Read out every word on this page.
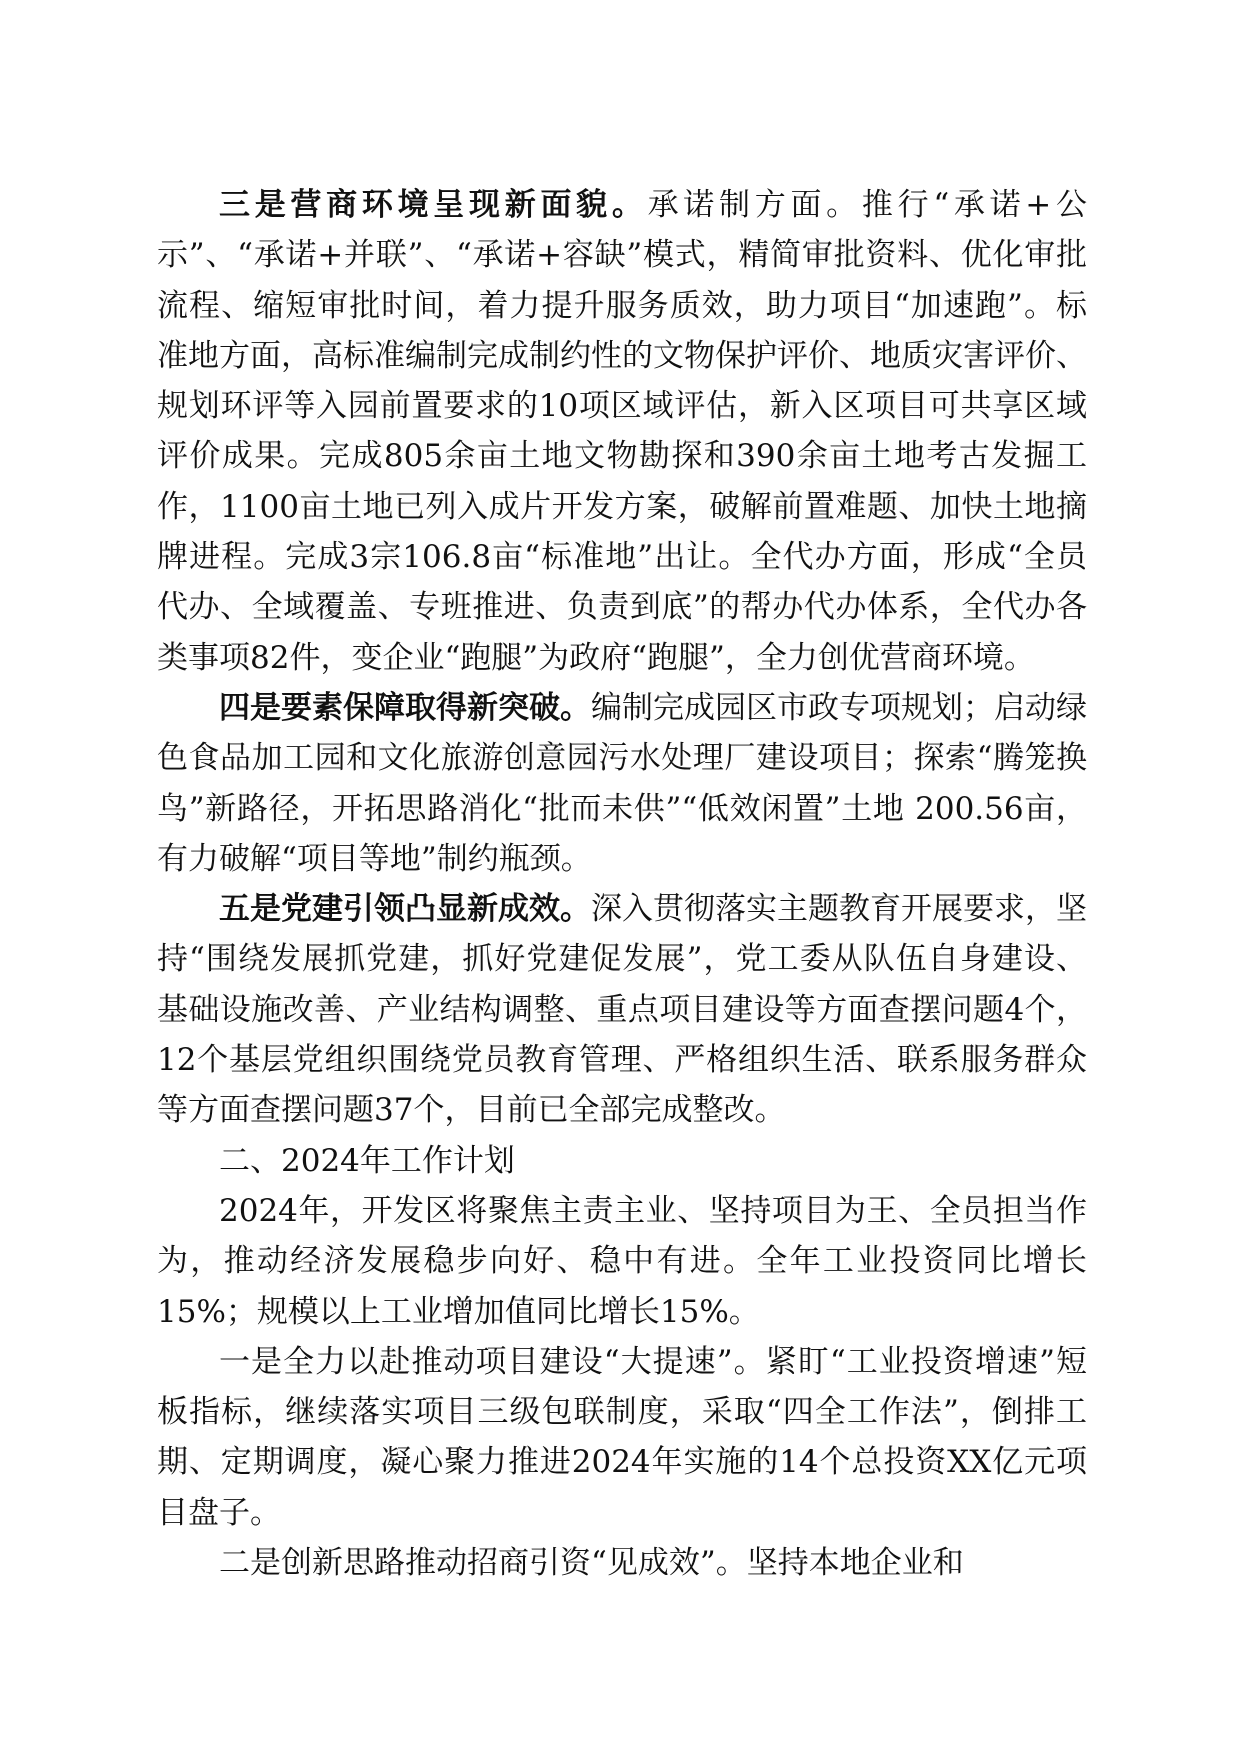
三是营商环境呈现新面貌。承诺制方面。推行“承诺+公示”、“承诺+并联”、“承诺+容缺”模式，精简审批资料、优化审批流程、缩短审批时间，着力提升服务质效，助力项目“加速跑”。标准地方面，高标准编制完成制约性的文物保护评价、地质灾害评价、规划环评等入园前置要求的10项区域评估，新入区项目可共享区域评价成果。完成805余亩土地文物勘探和390余亩土地考古发掘工作，1100亩土地已列入成片开发方案，破解前置难题、加快土地摘牌进程。完成3宗106.8亩“标准地”出让。全代办方面，形成“全员代办、全域覆盖、专班推进、负责到底”的帮办代办体系，全代办各类事项82件，变企业“跑腿”为政府“跑腿”，全力创优营商环境。

四是要素保障取得新突破。编制完成园区市政专项规划；启动绿色食品加工园和文化旅游创意园污水处理厂建设项目；探索“腾笼换鸟”新路径，开拓思路消化“批而未供”“低效闲置”土地 200.56亩，有力破解“项目等地”制约瓶颈。

五是党建引领凸显新成效。深入贯彻落实主题教育开展要求，坚持“围绕发展抓党建，抓好党建促发展”，党工委从队伍自身建设、基础设施改善、产业结构调整、重点项目建设等方面查摆问题4个，12个基层党组织围绕党员教育管理、严格组织生活、联系服务群众等方面查摆问题37个，目前已全部完成整改。

二、2024年工作计划

2024年，开发区将聚焦主责主业、坚持项目为王、全员担当作为，推动经济发展稳步向好、稳中有进。全年工业投资同比增长15%；规模以上工业增加值同比增长15%。

一是全力以赴推动项目建设“大提速”。紧盯“工业投资增速”短板指标，继续落实项目三级包联制度，采取“四全工作法”，倒排工期、定期调度，凝心聚力推进2024年实施的14个总投资XX亿元项目盘子。

二是创新思路推动招商引资“见成效”。坚持本地企业和
